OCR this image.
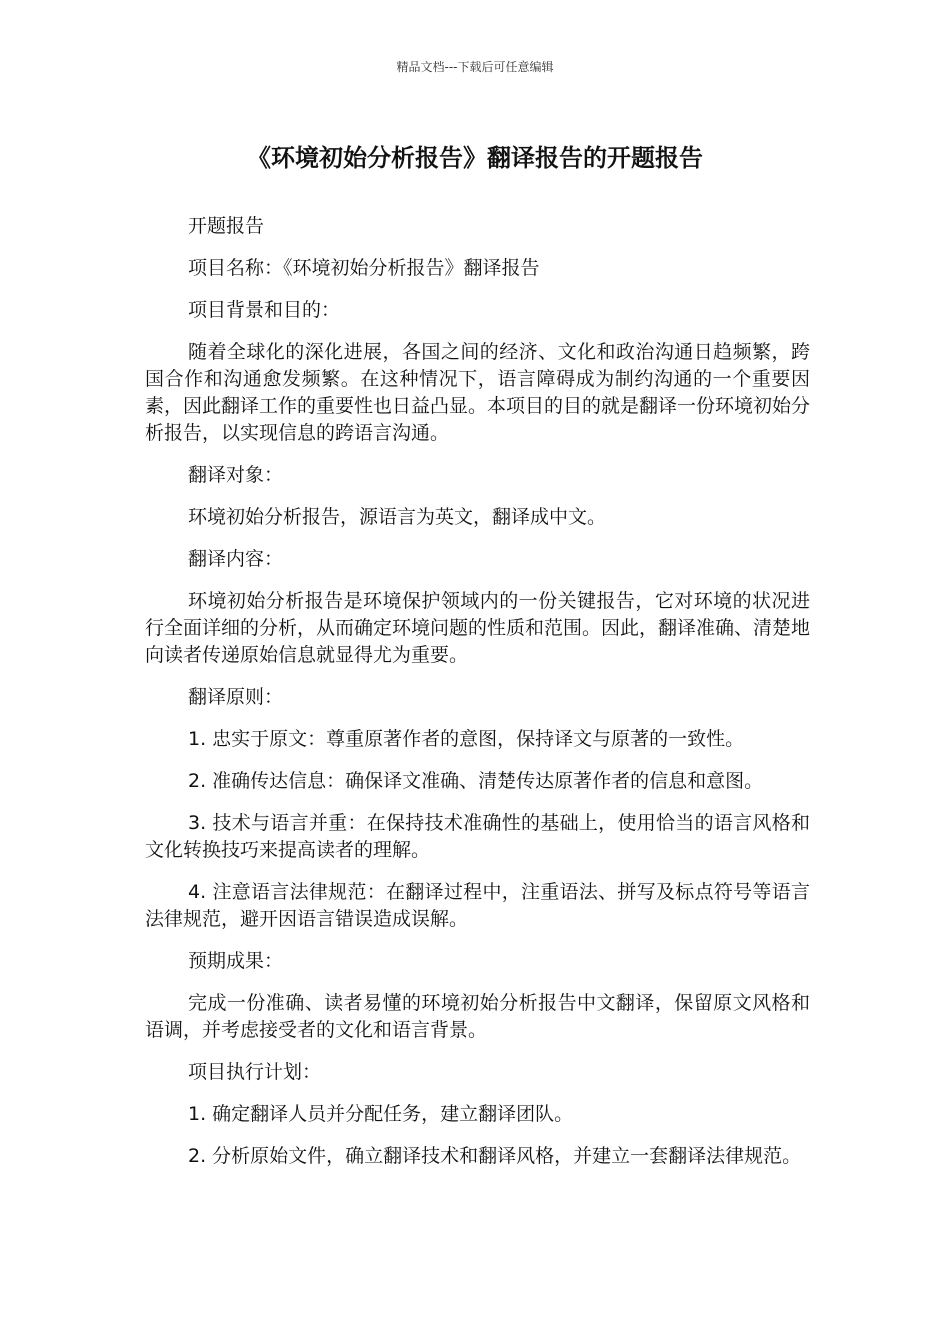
精品文档---下载后可任意编辑
《环境初始分析报告》翻译报告的开题报告

开题报告

项目名称：《环境初始分析报告》翻译报告

项目背景和目的：

随着全球化的深化进展，各国之间的经济、文化和政治沟通日趋频繁，跨国合作和沟通愈发频繁。在这种情况下，语言障碍成为制约沟通的一个重要因素，因此翻译工作的重要性也日益凸显。本项目的目的就是翻译一份环境初始分析报告，以实现信息的跨语言沟通。

翻译对象：

环境初始分析报告，源语言为英文，翻译成中文。

翻译内容：

环境初始分析报告是环境保护领域内的一份关键报告，它对环境的状况进行全面详细的分析，从而确定环境问题的性质和范围。因此，翻译准确、清楚地向读者传递原始信息就显得尤为重要。

翻译原则：

1. 忠实于原文：尊重原著作者的意图，保持译文与原著的一致性。

2. 准确传达信息：确保译文准确、清楚传达原著作者的信息和意图。

3. 技术与语言并重：在保持技术准确性的基础上，使用恰当的语言风格和文化转换技巧来提高读者的理解。

4. 注意语言法律规范：在翻译过程中，注重语法、拼写及标点符号等语言法律规范，避开因语言错误造成误解。

预期成果：

完成一份准确、读者易懂的环境初始分析报告中文翻译，保留原文风格和语调，并考虑接受者的文化和语言背景。

项目执行计划：

1. 确定翻译人员并分配任务，建立翻译团队。

2. 分析原始文件，确立翻译技术和翻译风格，并建立一套翻译法律规范。
